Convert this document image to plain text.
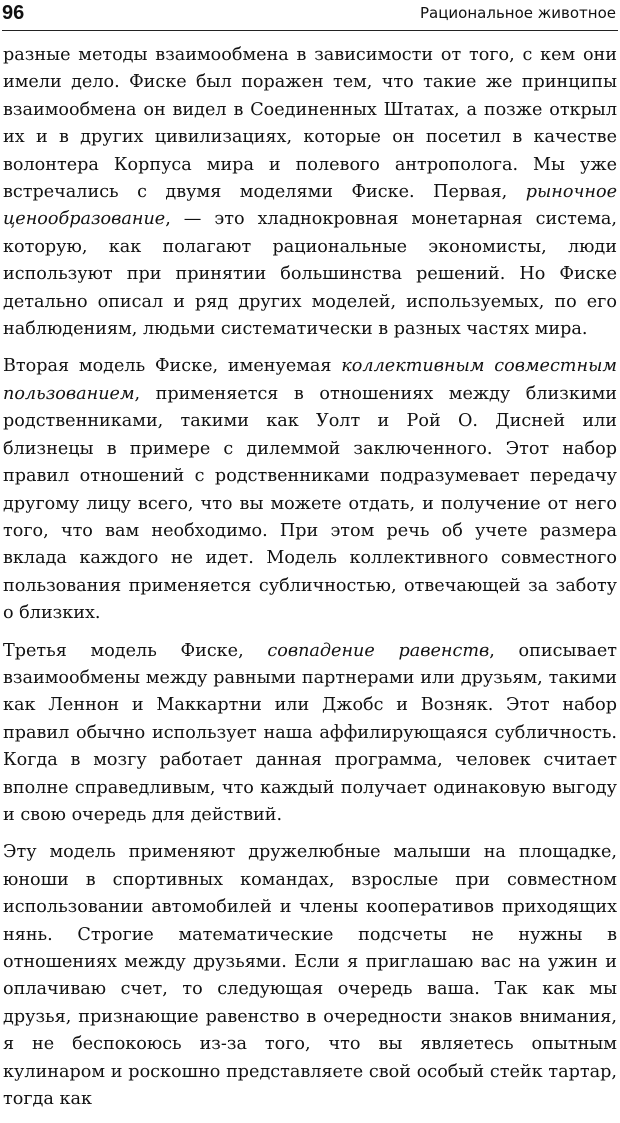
96	Рациональное животное

разные методы взаимообмена в зависимости от того, с кем они имели дело. Фиске был поражен тем, что такие же принципы взаимообмена он видел в Соединенных Штатах, а позже открыл их и в других цивилизациях, которые он посетил в качестве волонтера Корпуса мира и полевого антрополога. Мы уже встречались с двумя моделями Фиске. Первая, рыночное ценообразование, — это хладнокровная монетарная система, которую, как полагают рациональные экономисты, люди используют при принятии большинства решений. Но Фиске детально описал и ряд других моделей, используемых, по его наблюдениям, людьми систематически в разных частях мира.

Вторая модель Фиске, именуемая коллективным совместным пользованием, применяется в отношениях между близкими родственниками, такими как Уолт и Рой О. Дисней или близнецы в примере с дилеммой заключенного. Этот набор правил отношений с родственниками подразумевает передачу другому лицу всего, что вы можете отдать, и получение от него того, что вам необходимо. При этом речь об учете размера вклада каждого не идет. Модель коллективного совместного пользования применяется субличностью, отвечающей за заботу о близких.

Третья модель Фиске, совпадение равенств, описывает взаимообмены между равными партнерами или друзьям, такими как Леннон и Маккартни или Джобс и Возняк. Этот набор правил обычно использует наша аффилирующаяся субличность. Когда в мозгу работает данная программа, человек считает вполне справедливым, что каждый получает одинаковую выгоду и свою очередь для действий.

Эту модель применяют дружелюбные малыши на площадке, юноши в спортивных командах, взрослые при совместном использовании автомобилей и члены кооперативов приходящих нянь. Строгие математические подсчеты не нужны в отношениях между друзьями. Если я приглашаю вас на ужин и оплачиваю счет, то следующая очередь ваша. Так как мы друзья, признающие равенство в очередности знаков внимания, я не беспокоюсь из-за того, что вы являетесь опытным кулинаром и роскошно представляете свой особый стейк тартар, тогда как
